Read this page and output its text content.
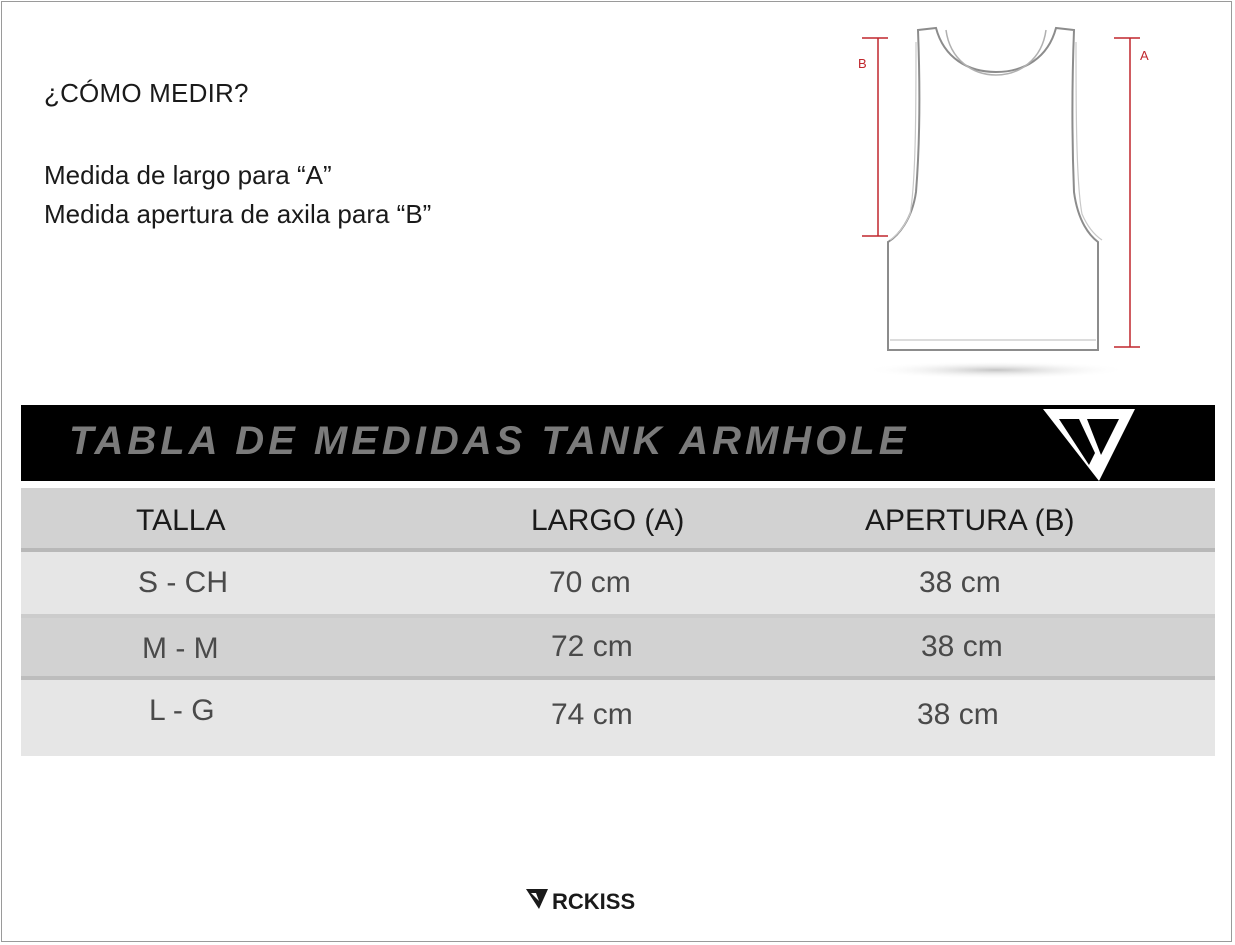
¿CÓMO MEDIR?
Medida de largo para “A”
Medida apertura de axila para “B”
B
A
TABLA DE MEDIDAS TANK ARMHOLE
TALLA	LARGO (A)	APERTURA (B)
S - CH	70 cm	38 cm
M - M	72 cm	38 cm
L - G	74 cm	38 cm
RCKISS
